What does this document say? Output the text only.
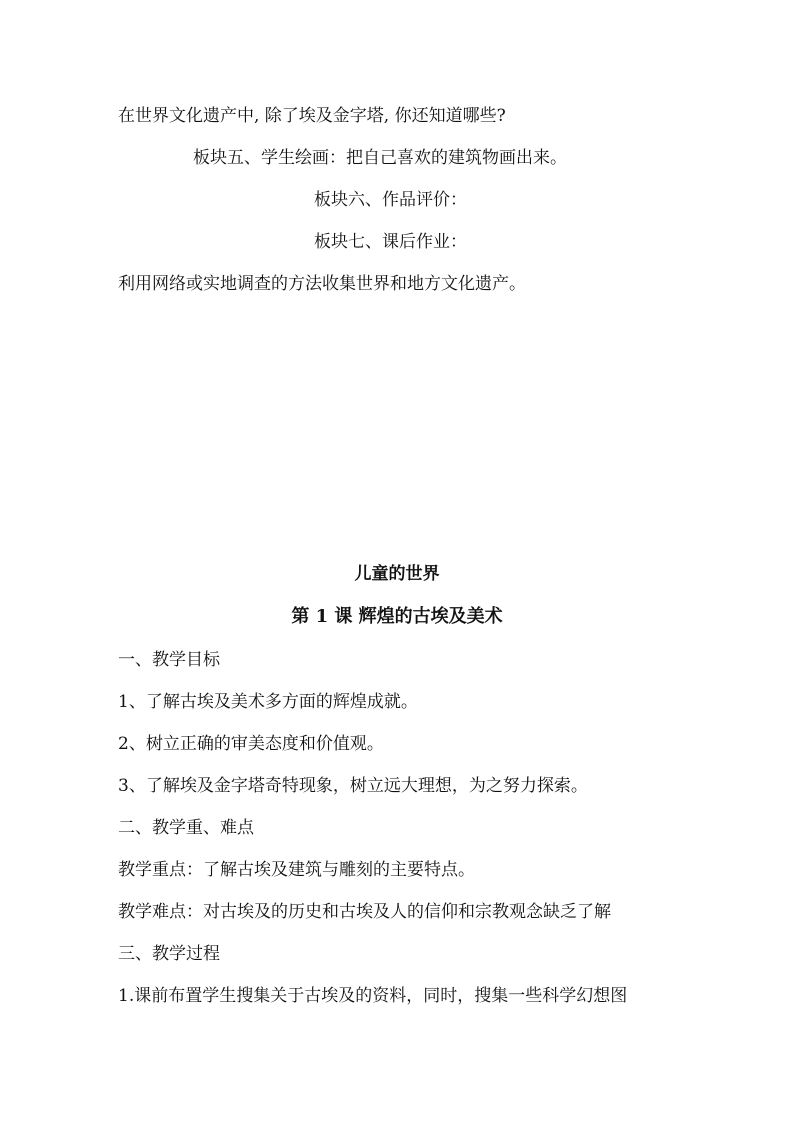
在世界文化遗产中, 除了埃及金字塔, 你还知道哪些?
板块五、学生绘画：把自己喜欢的建筑物画出来。
板块六、作品评价：
板块七、课后作业：
利用网络或实地调查的方法收集世界和地方文化遗产。
儿童的世界
第 1 课 辉煌的古埃及美术
一、教学目标
1、了解古埃及美术多方面的辉煌成就。
2、树立正确的审美态度和价值观。
3、了解埃及金字塔奇特现象，树立远大理想，为之努力探索。
二、教学重、难点
教学重点：了解古埃及建筑与雕刻的主要特点。
教学难点：对古埃及的历史和古埃及人的信仰和宗教观念缺乏了解
三、教学过程
1.课前布置学生搜集关于古埃及的资料，同时，搜集一些科学幻想图
